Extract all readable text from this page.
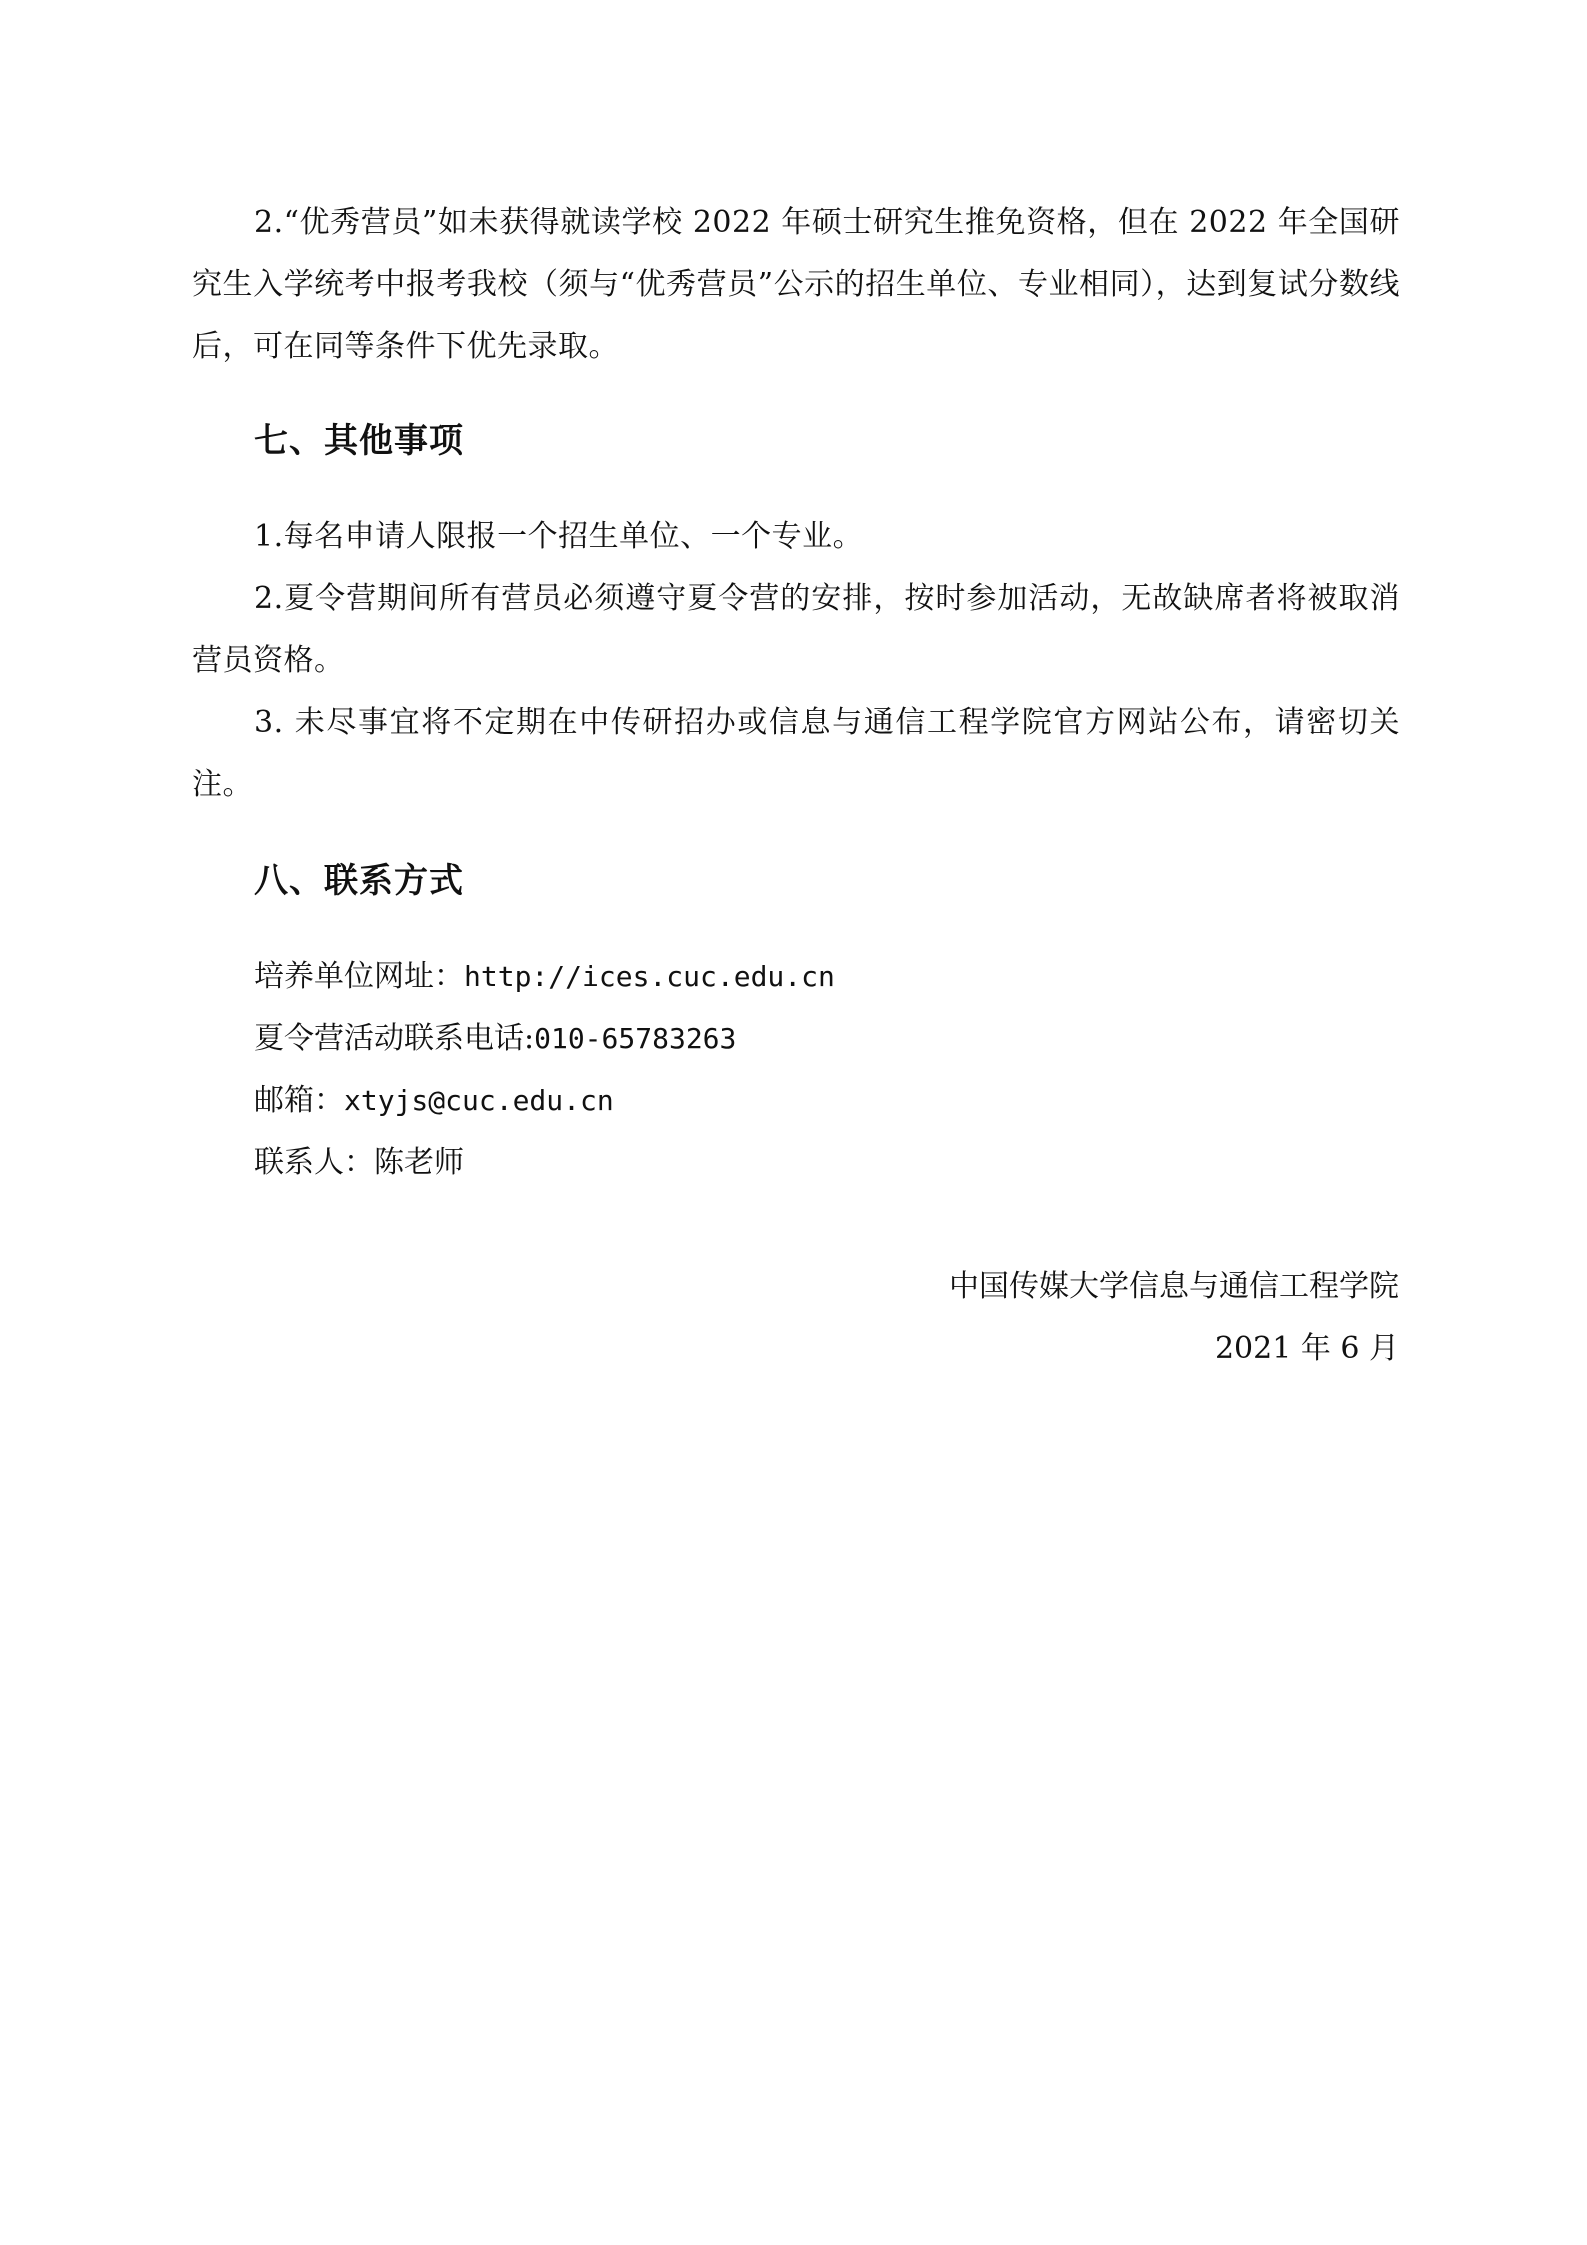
2.“优秀营员”如未获得就读学校 2022 年硕士研究生推免资格，但在 2022 年全国研究生入学统考中报考我校（须与“优秀营员”公示的招生单位、专业相同），达到复试分数线后，可在同等条件下优先录取。

七、其他事项

1.每名申请人限报一个招生单位、一个专业。

2.夏令营期间所有营员必须遵守夏令营的安排，按时参加活动，无故缺席者将被取消营员资格。

3. 未尽事宜将不定期在中传研招办或信息与通信工程学院官方网站公布，请密切关注。

八、联系方式

培养单位网址：http://ices.cuc.edu.cn

夏令营活动联系电话:010-65783263

邮箱：xtyjs@cuc.edu.cn

联系人：陈老师

中国传媒大学信息与通信工程学院

2021 年 6 月
